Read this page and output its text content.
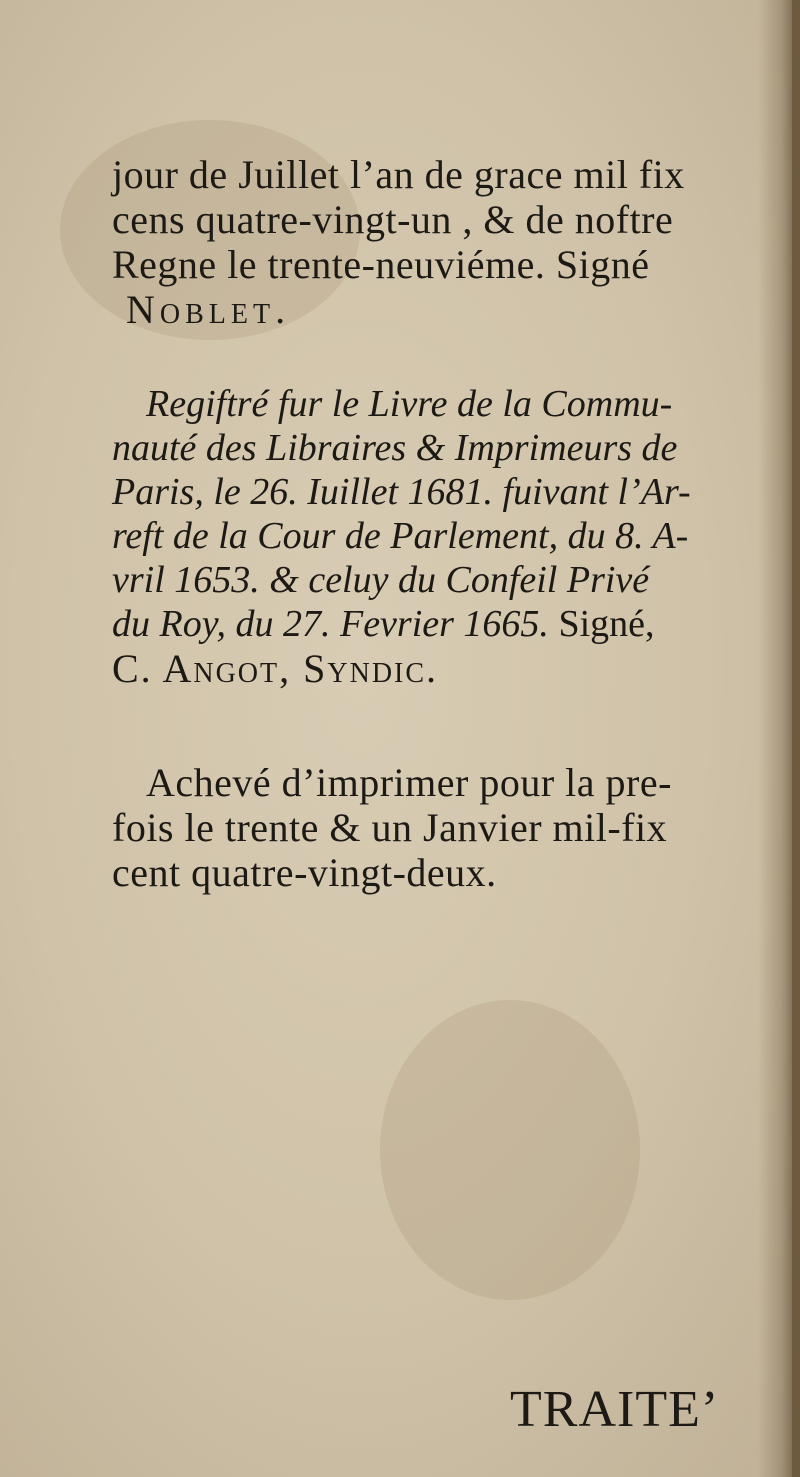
jour de Juillet l’an de grace mil fix

cens quatre-vingt-un , & de noftre

Regne le trente-neuviéme. Signé

Noblet.

Regiftré fur le Livre de la Commu-

nauté des Libraires & Imprimeurs de

Paris, le 26. Iuillet 1681. fuivant l’Ar-

reft de la Cour de Parlement, du 8. A-

vril 1653. & celuy du Confeil Privé

du Roy, du 27. Fevrier 1665. Signé,

C. Angot, Syndic.

Achevé d’imprimer pour la pre-

fois le trente & un Janvier mil-fix

cent quatre-vingt-deux.

TRAITE’
